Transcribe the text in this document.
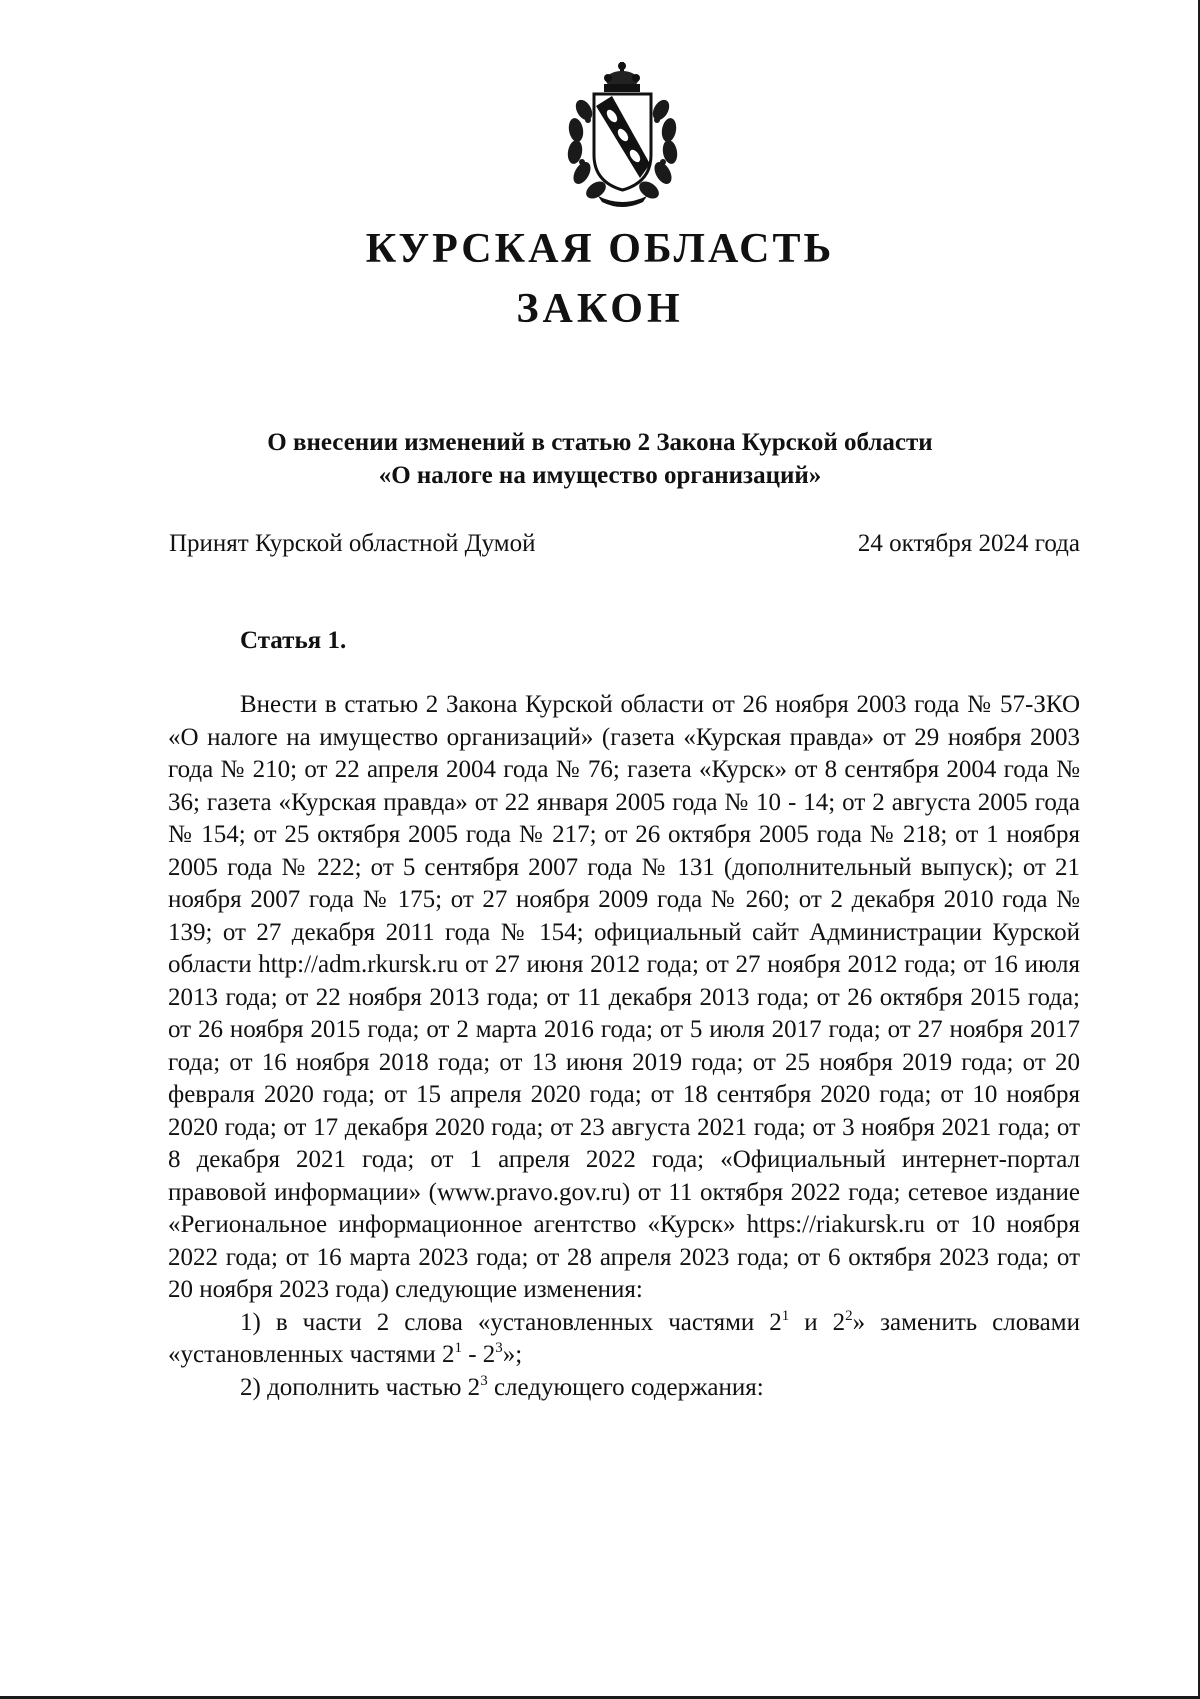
КУРСКАЯ ОБЛАСТЬ
ЗАКОН
О внесении изменений в статью 2 Закона Курской области
«О налоге на имущество организаций»
Принят Курской областной Думой	24 октября 2024 года
Статья 1.

Внести в статью 2 Закона Курской области от 26 ноября 2003 года № 57-ЗКО «О налоге на имущество организаций» (газета «Курская правда» от 29 ноября 2003 года № 210; от 22 апреля 2004 года № 76; газета «Курск» от 8 сентября 2004 года № 36; газета «Курская правда» от 22 января 2005 года № 10 - 14; от 2 августа 2005 года № 154; от 25 октября 2005 года № 217; от 26 октября 2005 года № 218; от 1 ноября 2005 года № 222; от 5 сентября 2007 года № 131 (дополнительный выпуск); от 21 ноября 2007 года № 175; от 27 ноября 2009 года № 260; от 2 декабря 2010 года № 139; от 27 декабря 2011 года № 154; официальный сайт Администрации Курской области http://adm.rkursk.ru от 27 июня 2012 года; от 27 ноября 2012 года; от 16 июля 2013 года; от 22 ноября 2013 года; от 11 декабря 2013 года; от 26 октября 2015 года; от 26 ноября 2015 года; от 2 марта 2016 года; от 5 июля 2017 года; от 27 ноября 2017 года; от 16 ноября 2018 года; от 13 июня 2019 года; от 25 ноября 2019 года; от 20 февраля 2020 года; от 15 апреля 2020 года; от 18 сентября 2020 года; от 10 ноября 2020 года; от 17 декабря 2020 года; от 23 августа 2021 года; от 3 ноября 2021 года; от 8 декабря 2021 года; от 1 апреля 2022 года; «Официальный интернет-портал правовой информации» (www.pravo.gov.ru) от 11 октября 2022 года; сетевое издание «Региональное информационное агентство «Курск» https://riakursk.ru от 10 ноября 2022 года; от 16 марта 2023 года; от 28 апреля 2023 года; от 6 октября 2023 года; от 20 ноября 2023 года) следующие изменения:

1) в части 2 слова «установленных частями $2^1$ и $2^2$» заменить словами «установленных частями $2^1 - 2^3$»;

2) дополнить частью $2^3$ следующего содержания:
